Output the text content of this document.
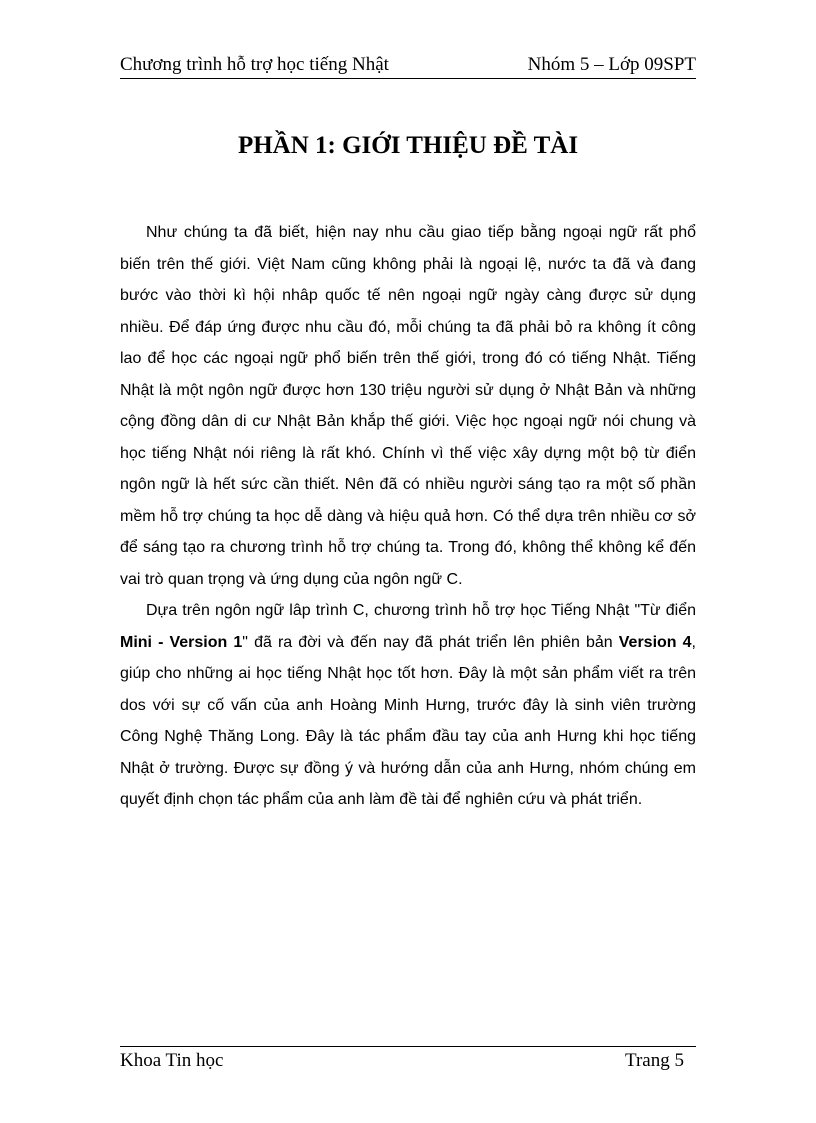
Chương trình hỗ trợ học tiếng Nhật	Nhóm 5 – Lớp 09SPT
PHẦN 1: GIỚI THIỆU ĐỀ TÀI

Như chúng ta đã biết, hiện nay nhu cầu giao tiếp bằng ngoại ngữ rất phổ biến trên thế giới. Việt Nam cũng không phải là ngoại lệ, nước ta đã và đang bước vào thời kì hội nhâp quốc tế nên ngoại ngữ ngày càng được sử dụng nhiều. Để đáp ứng được nhu cầu đó, mỗi chúng ta đã phải bỏ ra không ít công lao để học các ngoại ngữ phổ biến trên thế giới, trong đó có tiếng Nhật. Tiếng Nhật là một ngôn ngữ được hơn 130 triệu người sử dụng ở Nhật Bản và những cộng đồng dân di cư Nhật Bản khắp thế giới. Việc học ngoại ngữ nói chung và học tiếng Nhật nói riêng là rất khó. Chính vì thế việc xây dựng một bộ từ điển ngôn ngữ là hết sức cần thiết. Nên đã có nhiều người sáng tạo ra một số phần mềm hỗ trợ chúng ta học dễ dàng và hiệu quả hơn. Có thể dựa trên nhiều cơ sở để sáng tạo ra chương trình hỗ trợ chúng ta. Trong đó, không thể không kể đến vai trò quan trọng và ứng dụng của ngôn ngữ C.

Dựa trên ngôn ngữ lâp trình C, chương trình hỗ trợ học Tiếng Nhật "Từ điển Mini - Version 1" đã ra đời và đến nay đã phát triển lên phiên bản Version 4, giúp cho những ai học tiếng Nhật học tốt hơn. Đây là một sản phẩm viết ra trên dos với sự cố vấn của anh Hoàng Minh Hưng, trước đây là sinh viên trường Công Nghệ Thăng Long. Đây là tác phẩm đầu tay của anh Hưng khi học tiếng Nhật ở trường. Được sự đồng ý và hướng dẫn của anh Hưng, nhóm chúng em quyết định chọn tác phẩm của anh làm đề tài để nghiên cứu và phát triển.

Khoa Tin học	Trang 5
